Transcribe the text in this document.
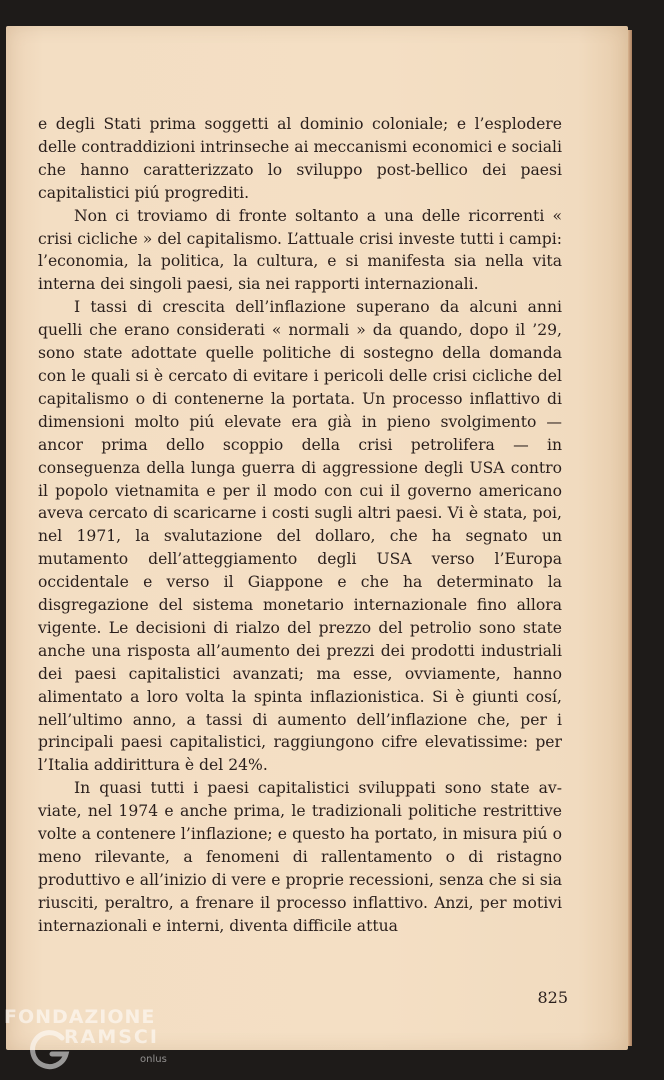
e degli Stati prima soggetti al dominio coloniale; e l’esplodere delle contraddizioni intrinseche ai meccanismi economici e sociali che hanno caratterizzato lo sviluppo post-bellico dei paesi capitalistici piú progrediti.

Non ci troviamo di fronte soltanto a una delle ricorrenti « crisi cicliche » del capitalismo. L’attuale crisi investe tutti i campi: l’economia, la politica, la cultura, e si manifesta sia nella vita interna dei singoli paesi, sia nei rapporti internazionali.

I tassi di crescita dell’inflazione superano da alcuni anni quelli che erano considerati « normali » da quando, dopo il ’29, sono state adottate quelle politiche di sostegno della domanda con le quali si è cercato di evitare i pericoli delle crisi cicliche del capitalismo o di contenerne la portata. Un processo inflattivo di dimensioni molto piú elevate era già in pieno svolgimento — ancor prima dello scoppio della crisi petrolifera — in conseguenza della lunga guerra di aggressione degli USA contro il popolo vietnamita e per il modo con cui il governo americano aveva cercato di scaricarne i costi sugli altri paesi. Vi è stata, poi, nel 1971, la svalutazione del dollaro, che ha segnato un mutamento dell’atteggiamento degli USA verso l’Europa occidentale e verso il Giappone e che ha determinato la disgregazione del sistema monetario internazionale fino allora vigente. Le decisioni di rialzo del prezzo del petrolio sono state anche una risposta all’aumento dei prezzi dei prodotti industriali dei paesi capitalistici avanzati; ma esse, ovviamente, hanno alimentato a loro volta la spinta inflazionistica. Si è giunti cosí, nell’ultimo anno, a tassi di aumento dell’inflazione che, per i principali paesi capitalistici, raggiungono cifre elevatissime: per l’Italia addirittura è del 24%.

In quasi tutti i paesi capitalistici sviluppati sono state avviate, nel 1974 e anche prima, le tradizionali politiche restrittive volte a contenere l’inflazione; e questo ha portato, in misura piú o meno rilevante, a fenomeni di rallentamento o di ristagno produttivo e all’inizio di vere e proprie recessioni, senza che si sia riusciti, peraltro, a frenare il processo inflattivo. Anzi, per motivi internazionali e interni, diventa difficile attua

825
FONDAZIONE
RAMSCI
onlus
